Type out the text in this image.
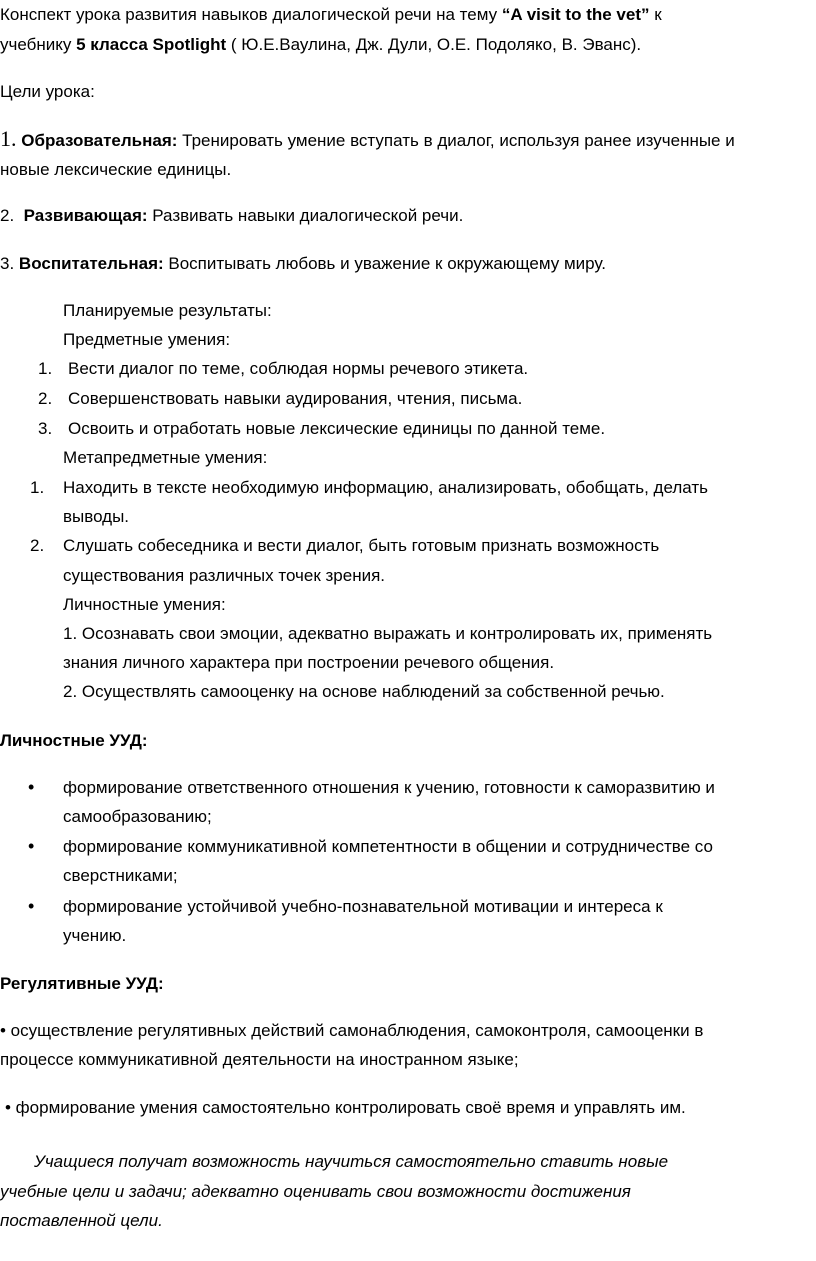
Конспект урока развития навыков диалогической речи на тему “A visit to the vet” к

учебнику 5 класса Spotlight ( Ю.Е.Ваулина, Дж. Дули, О.Е. Подоляко, В. Эванс).

Цели урока:

1. Образовательная: Тренировать умение вступать в диалог, используя ранее изученные и

новые лексические единицы.

2. Развивающая: Развивать навыки диалогической речи.

3. Воспитательная: Воспитывать любовь и уважение к окружающему миру.

Планируемые результаты:

Предметные умения:

1. Вести диалог по теме, соблюдая нормы речевого этикета.

2. Совершенствовать навыки аудирования, чтения, письма.

3. Освоить и отработать новые лексические единицы по данной теме.

Метапредметные умения:

1.	Находить в тексте необходимую информацию, анализировать, обобщать, делать

выводы.

2.	Слушать собеседника и вести диалог, быть готовым признать возможность

существования различных точек зрения.

Личностные умения:

1. Осознавать свои эмоции, адекватно выражать и контролировать их, применять

знания личного характера при построении речевого общения.

2. Осуществлять самооценку на основе наблюдений за собственной речью.

Личностные УУД:

•	формирование ответственного отношения к учению, готовности к саморазвитию и

самообразованию;

•	формирование коммуникативной компетентности в общении и сотрудничестве со

сверстниками;

•	формирование устойчивой учебно-познавательной мотивации и интереса к

учению.

Регулятивные УУД:

• осуществление регулятивных действий самонаблюдения, самоконтроля, самооценки в

процессе коммуникативной деятельности на иностранном языке;

• формирование умения самостоятельно контролировать своё время и управлять им.

Учащиеся получат возможность научиться самостоятельно ставить новые

учебные цели и задачи; адекватно оценивать свои возможности достижения

поставленной цели.
